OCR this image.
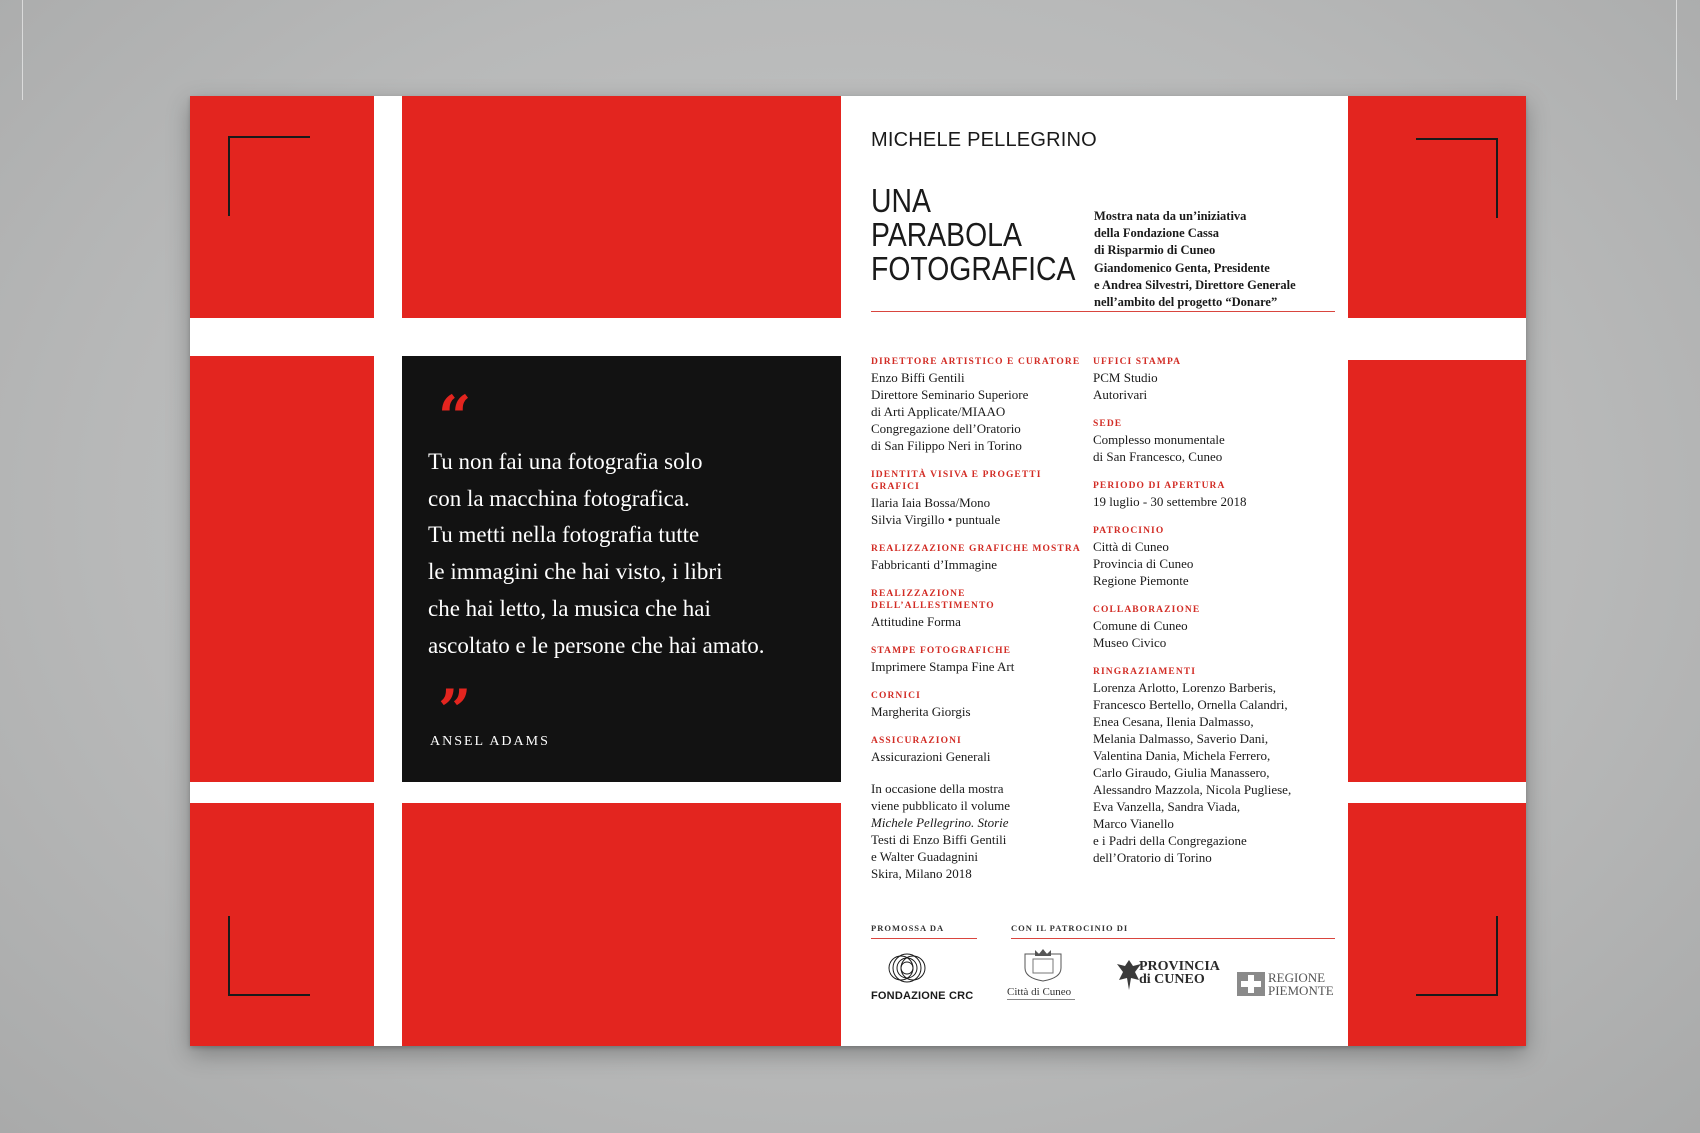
“
Tu non fai una fotografia solo
con la macchina fotografica.
Tu metti nella fotografia tutte
le immagini che hai visto, i libri
che hai letto, la musica che hai
ascoltato e le persone che hai amato.
”
ANSEL ADAMS
MICHELE PELLEGRINO
UNA
PARABOLA
FOTOGRAFICA
Mostra nata da un’iniziativa
della Fondazione Cassa
di Risparmio di Cuneo
Giandomenico Genta, Presidente
e Andrea Silvestri, Direttore Generale
nell’ambito del progetto “Donare”
DIRETTORE ARTISTICO E CURATORE
Enzo Biffi Gentili
Direttore Seminario Superiore
di Arti Applicate/MIAAO
Congregazione dell’Oratorio
di San Filippo Neri in Torino
IDENTITÀ VISIVA E PROGETTI GRAFICI
Ilaria Iaia Bossa/Mono
Silvia Virgillo • puntuale
REALIZZAZIONE GRAFICHE MOSTRA
Fabbricanti d’Immagine
REALIZZAZIONE DELL’ALLESTIMENTO
Attitudine Forma
STAMPE FOTOGRAFICHE
Imprimere Stampa Fine Art
CORNICI
Margherita Giorgis
ASSICURAZIONI
Assicurazioni Generali
In occasione della mostra
viene pubblicato il volume
Michele Pellegrino. Storie
Testi di Enzo Biffi Gentili
e Walter Guadagnini
Skira, Milano 2018
UFFICI STAMPA
PCM Studio
Autorivari
SEDE
Complesso monumentale
di San Francesco, Cuneo
PERIODO DI APERTURA
19 luglio - 30 settembre 2018
PATROCINIO
Città di Cuneo
Provincia di Cuneo
Regione Piemonte
COLLABORAZIONE
Comune di Cuneo
Museo Civico
RINGRAZIAMENTI
Lorenza Arlotto, Lorenzo Barberis,
Francesco Bertello, Ornella Calandri,
Enea Cesana, Ilenia Dalmasso,
Melania Dalmasso, Saverio Dani,
Valentina Dania, Michela Ferrero,
Carlo Giraudo, Giulia Manassero,
Alessandro Mazzola, Nicola Pugliese,
Eva Vanzella, Sandra Viada,
Marco Vianello
e i Padri della Congregazione
dell’Oratorio di Torino
PROMOSSA DA	CON IL PATROCINIO DI
FONDAZIONE CRC	Città di Cuneo
PROVINCIA
di CUNEO	REGIONE
PIEMONTE
